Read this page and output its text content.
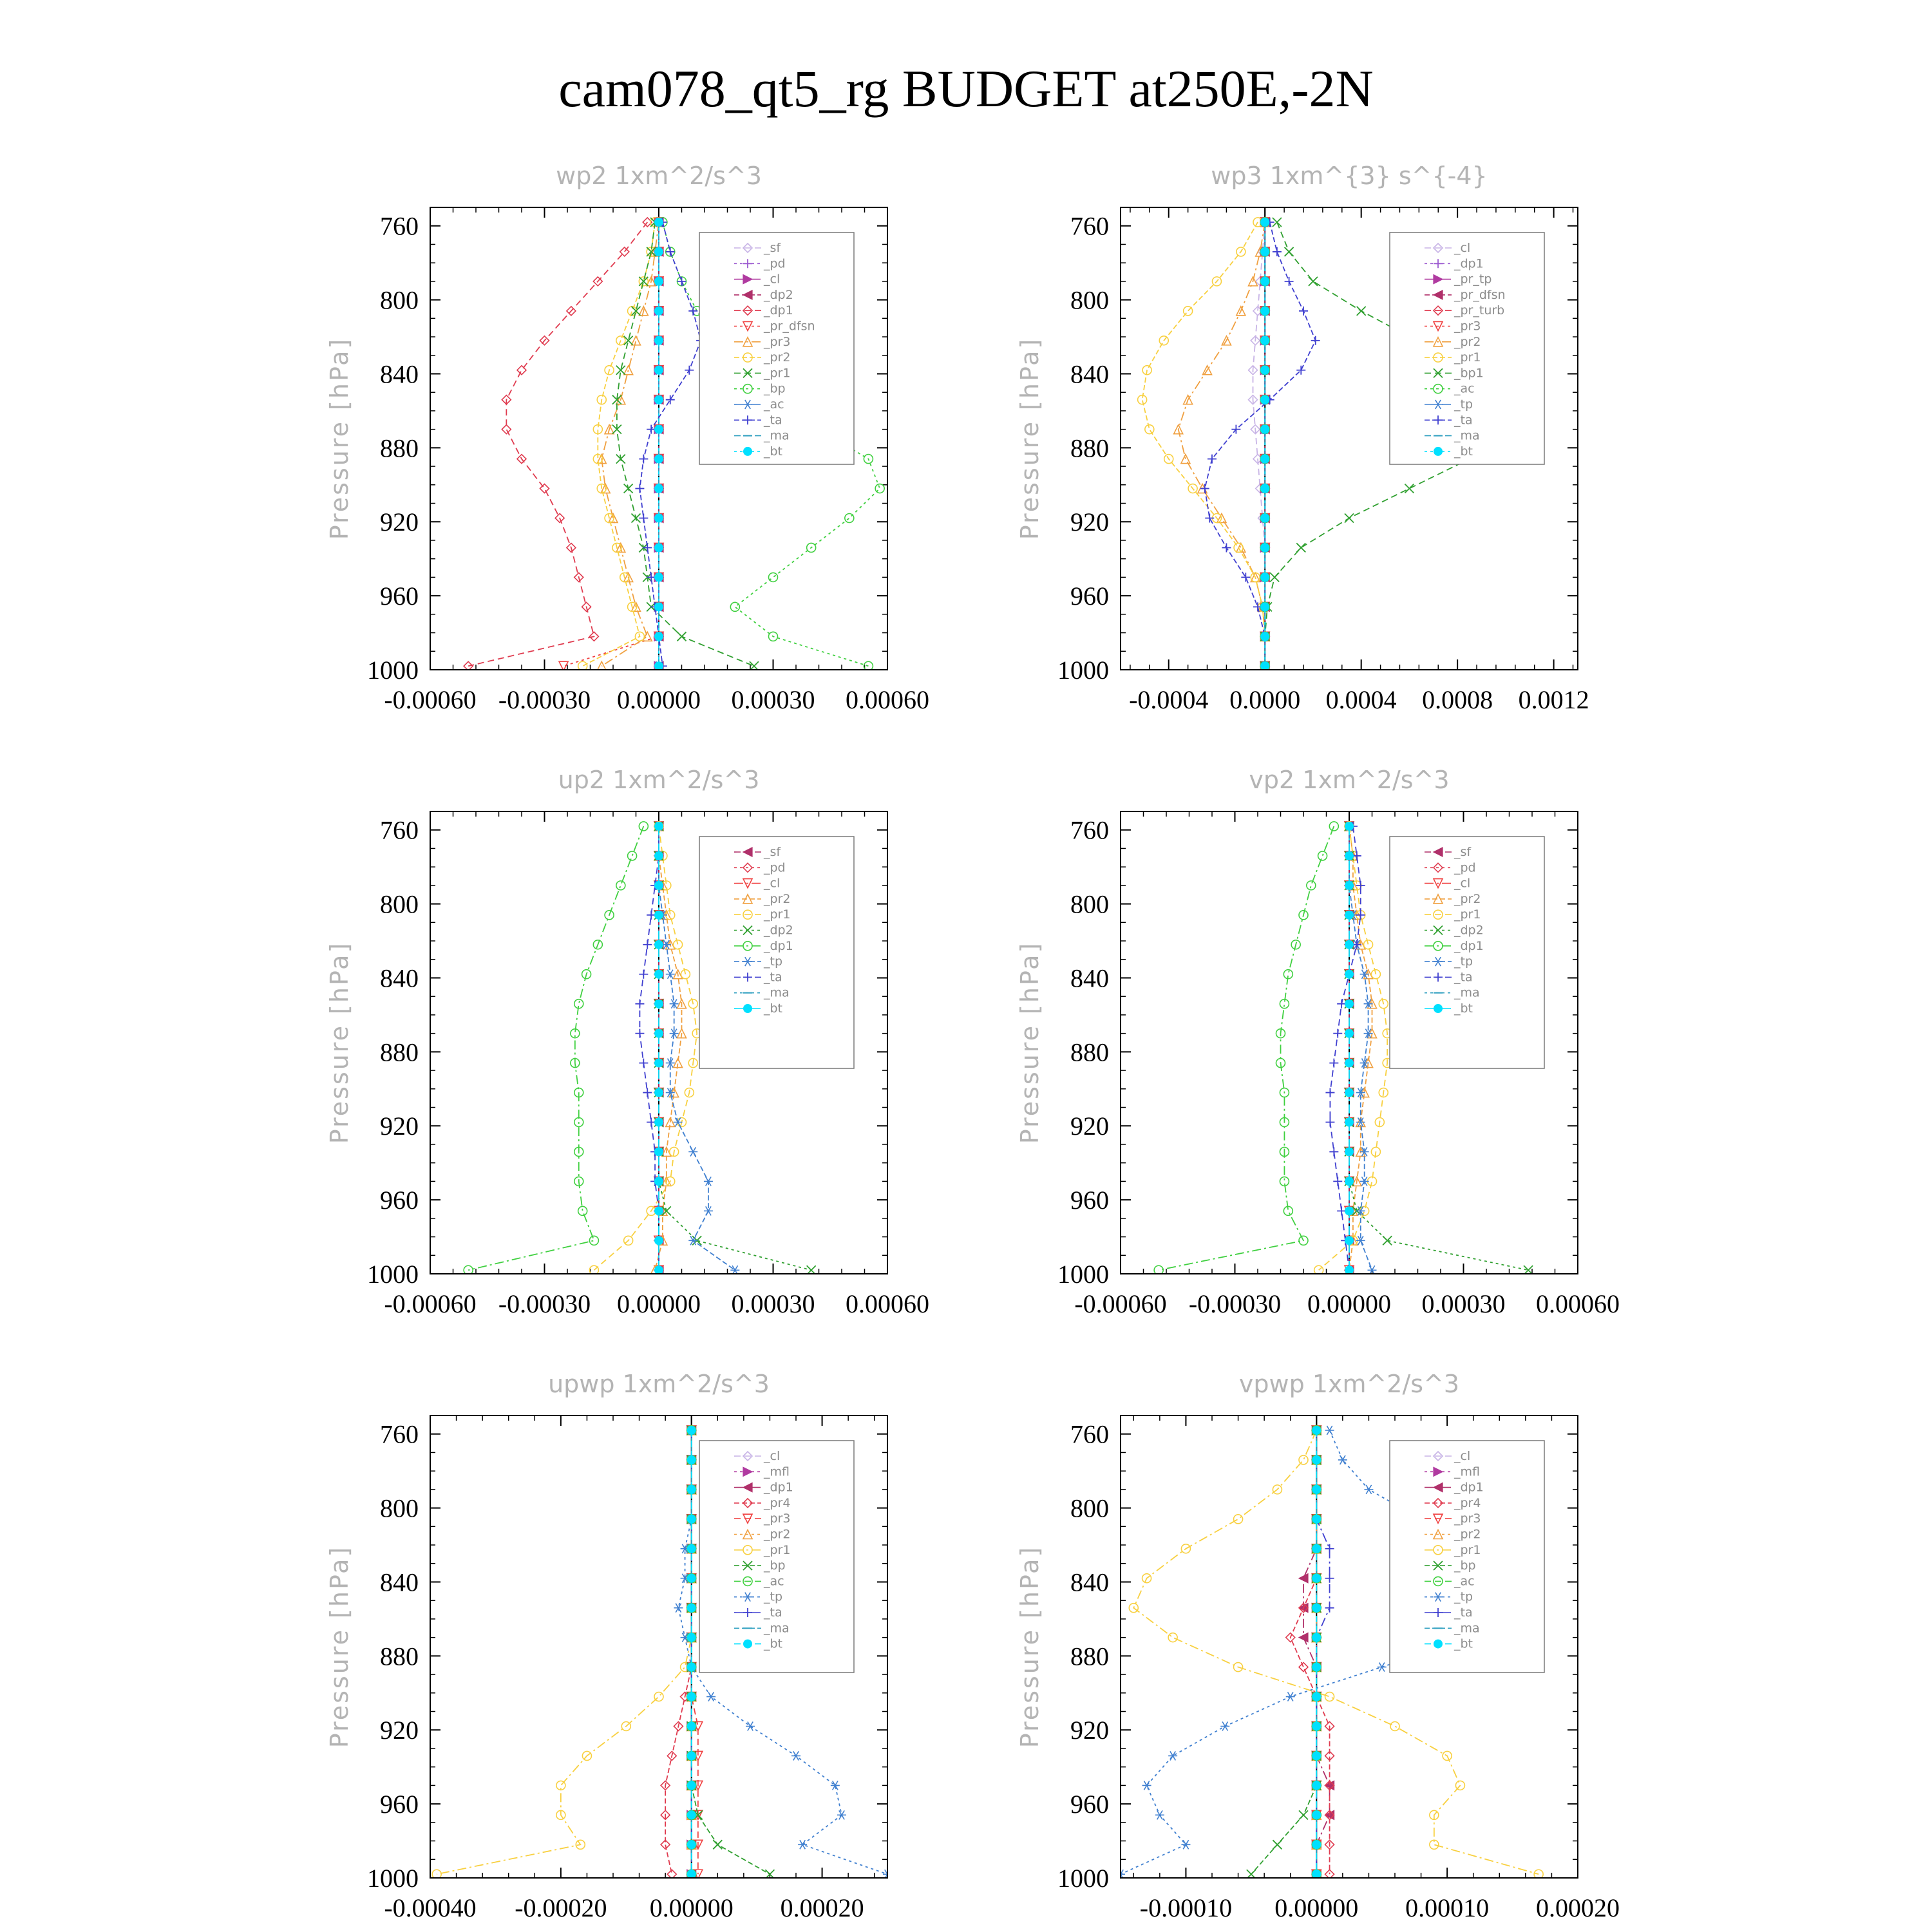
cam078_qt5_rg BUDGET at250E,-2N
wp2 1xm^2/s^3
Pressure [hPa]
760
800
840
880
920
960
1000
-0.00060 -0.00030 0.00000 0.00030 0.00060
_sf
_pd
_cl
_dp2
_dp1
_pr_dfsn
_pr3
_pr2
_pr1
_bp
_ac
_ta
_ma
_bt
wp3 1xm^{3} s^{-4}
Pressure [hPa]
760
800
840
880
920
960
1000
-0.0004 0.0000 0.0004 0.0008 0.0012
_cl
_dp1
_pr_tp
_pr_dfsn
_pr_turb
_pr3
_pr2
_pr1
_bp1
_ac
_tp
_ta
_ma
_bt
up2 1xm^2/s^3
Pressure [hPa]
760
800
840
880
920
960
1000
-0.00060 -0.00030 0.00000 0.00030 0.00060
_sf
_pd
_cl
_pr2
_pr1
_dp2
_dp1
_tp
_ta
_ma
_bt
vp2 1xm^2/s^3
Pressure [hPa]
760
800
840
880
920
960
1000
-0.00060 -0.00030 0.00000 0.00030 0.00060
_sf
_pd
_cl
_pr2
_pr1
_dp2
_dp1
_tp
_ta
_ma
_bt
upwp 1xm^2/s^3
Pressure [hPa]
760
800
840
880
920
960
1000
-0.00040 -0.00020 0.00000 0.00020
_cl
_mfl
_dp1
_pr4
_pr3
_pr2
_pr1
_bp
_ac
_tp
_ta
_ma
_bt
vpwp 1xm^2/s^3
Pressure [hPa]
760
800
840
880
920
960
1000
-0.00010 0.00000 0.00010 0.00020
_cl
_mfl
_dp1
_pr4
_pr3
_pr2
_pr1
_bp
_ac
_tp
_ta
_ma
_bt
